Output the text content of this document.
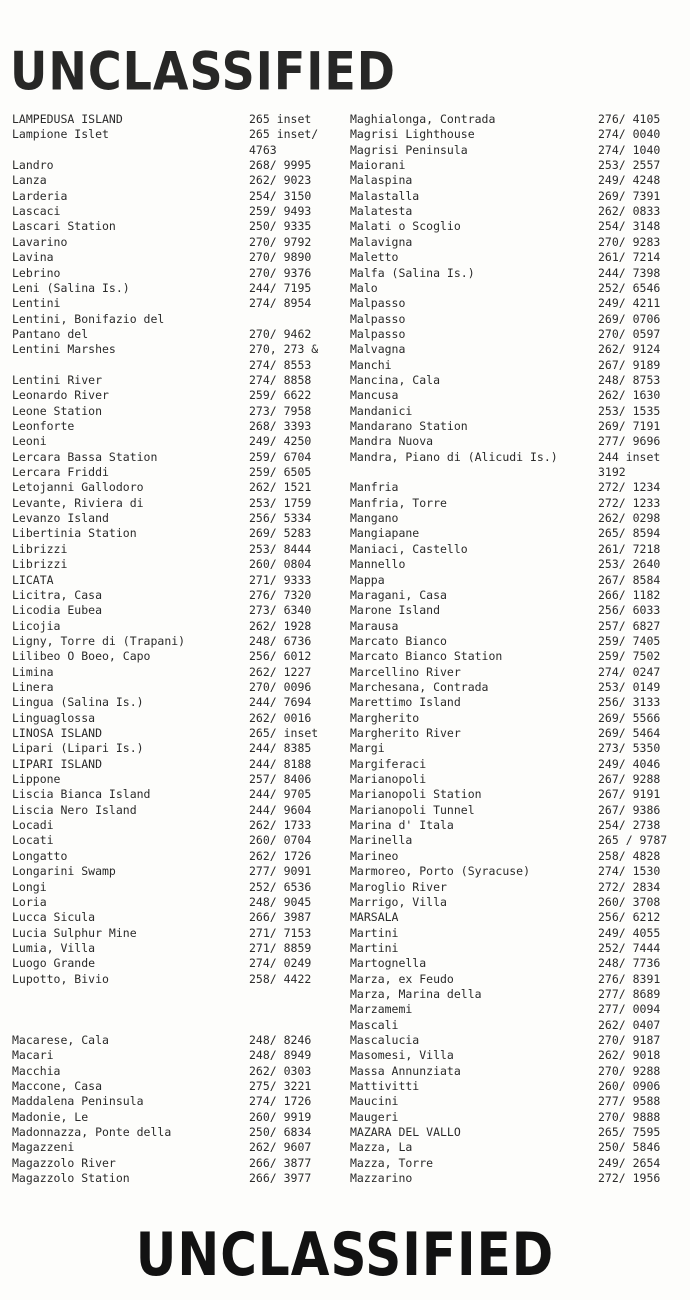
UNCLASSIFIED
LAMPEDUSA ISLAND	265 inset
Lampione Islet	265 inset/
4763
Landro	268/ 9995
Lanza	262/ 9023
Larderia	254/ 3150
Lascaci	259/ 9493
Lascari Station	250/ 9335
Lavarino	270/ 9792
Lavina	270/ 9890
Lebrino	270/ 9376
Leni (Salina Is.)	244/ 7195
Lentini	274/ 8954
Lentini, Bonifazio del
Pantano del	270/ 9462
Lentini Marshes	270, 273 &
274/ 8553
Lentini River	274/ 8858
Leonardo River	259/ 6622
Leone Station	273/ 7958
Leonforte	268/ 3393
Leoni	249/ 4250
Lercara Bassa Station	259/ 6704
Lercara Friddi	259/ 6505
Letojanni Gallodoro	262/ 1521
Levante, Riviera di	253/ 1759
Levanzo Island	256/ 5334
Libertinia Station	269/ 5283
Librizzi	253/ 8444
Librizzi	260/ 0804
LICATA	271/ 9333
Licitra, Casa	276/ 7320
Licodia Eubea	273/ 6340
Licojia	262/ 1928
Ligny, Torre di (Trapani)	248/ 6736
Lilibeo O Boeo, Capo	256/ 6012
Limina	262/ 1227
Linera	270/ 0096
Lingua (Salina Is.)	244/ 7694
Linguaglossa	262/ 0016
LINOSA ISLAND	265/ inset
Lipari (Lipari Is.)	244/ 8385
LIPARI ISLAND	244/ 8188
Lippone	257/ 8406
Liscia Bianca Island	244/ 9705
Liscia Nero Island	244/ 9604
Locadi	262/ 1733
Locati	260/ 0704
Longatto	262/ 1726
Longarini Swamp	277/ 9091
Longi	252/ 6536
Loria	248/ 9045
Lucca Sicula	266/ 3987
Lucia Sulphur Mine	271/ 7153
Lumia, Villa	271/ 8859
Luogo Grande	274/ 0249
Lupotto, Bivio	258/ 4422
Macarese, Cala	248/ 8246
Macari	248/ 8949
Macchia	262/ 0303
Maccone, Casa	275/ 3221
Maddalena Peninsula	274/ 1726
Madonie, Le	260/ 9919
Madonnazza, Ponte della	250/ 6834
Magazzeni	262/ 9607
Magazzolo River	266/ 3877
Magazzolo Station	266/ 3977
Maghialonga, Contrada	276/ 4105
Magrisi Lighthouse	274/ 0040
Magrisi Peninsula	274/ 1040
Maiorani	253/ 2557
Malaspina	249/ 4248
Malastalla	269/ 7391
Malatesta	262/ 0833
Malati o Scoglio	254/ 3148
Malavigna	270/ 9283
Maletto	261/ 7214
Malfa (Salina Is.)	244/ 7398
Malo	252/ 6546
Malpasso	249/ 4211
Malpasso	269/ 0706
Malpasso	270/ 0597
Malvagna	262/ 9124
Manchi	267/ 9189
Mancina, Cala	248/ 8753
Mancusa	262/ 1630
Mandanici	253/ 1535
Mandarano Station	269/ 7191
Mandra Nuova	277/ 9696
Mandra, Piano di (Alicudi Is.)	244 inset
3192
Manfria	272/ 1234
Manfria, Torre	272/ 1233
Mangano	262/ 0298
Mangiapane	265/ 8594
Maniaci, Castello	261/ 7218
Mannello	253/ 2640
Mappa	267/ 8584
Maragani, Casa	266/ 1182
Marone Island	256/ 6033
Marausa	257/ 6827
Marcato Bianco	259/ 7405
Marcato Bianco Station	259/ 7502
Marcellino River	274/ 0247
Marchesana, Contrada	253/ 0149
Marettimo Island	256/ 3133
Margherito	269/ 5566
Margherito River	269/ 5464
Margi	273/ 5350
Margiferaci	249/ 4046
Marianopoli	267/ 9288
Marianopoli Station	267/ 9191
Marianopoli Tunnel	267/ 9386
Marina d' Itala	254/ 2738
Marinella	265 / 9787
Marineo	258/ 4828
Marmoreo, Porto (Syracuse)	274/ 1530
Maroglio River	272/ 2834
Marrigo, Villa	260/ 3708
MARSALA	256/ 6212
Martini	249/ 4055
Martini	252/ 7444
Martognella	248/ 7736
Marza, ex Feudo	276/ 8391
Marza, Marina della	277/ 8689
Marzamemi	277/ 0094
Mascali	262/ 0407
Mascalucia	270/ 9187
Masomesi, Villa	262/ 9018
Massa Annunziata	270/ 9288
Mattivitti	260/ 0906
Maucini	277/ 9588
Maugeri	270/ 9888
MAZARA DEL VALLO	265/ 7595
Mazza, La	250/ 5846
Mazza, Torre	249/ 2654
Mazzarino	272/ 1956
UNCLASSIFIED
